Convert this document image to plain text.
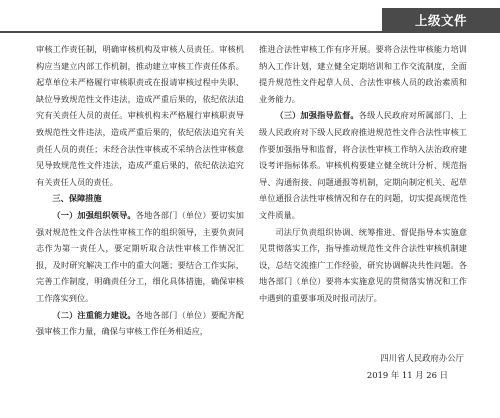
上级文件

审核工作责任制，明确审核机构及审核人员责任。审核机构应当建立内部工作机制，推动建立审核工作责任体系。起草单位未严格履行审核职责或在报请审核过程中失职、缺位导致规范性文件违法，造成严重后果的，依纪依法追究有关责任人员的责任。审核机构未严格履行审核职责导致规范性文件违法，造成严重后果的，依纪依法追究有关责任人员的责任；未经合法性审核或不采纳合法性审核意见导致规范性文件违法，造成严重后果的，依纪依法追究有关责任人员的责任。

三、保障措施

（一）加强组织领导。各地各部门（单位）要切实加强对规范性文件合法性审核工作的组织领导，主要负责同志作为第一责任人，要定期听取合法性审核工作情况汇报，及时研究解决工作中的重大问题；要结合工作实际，完善工作制度，明确责任分工，细化具体措施，确保审核工作落实到位。

（二）注重能力建设。各地各部门（单位）要配齐配强审核工作力量，确保与审核工作任务相适应，

推进合法性审核工作有序开展。要将合法性审核能力培训纳入工作计划，建立健全定期培训和工作交流制度，全面提升规范性文件起草人员、合法性审核人员的政治素质和业务能力。

（三）加强指导监督。各级人民政府对所属部门、上级人民政府对下级人民政府推进规范性文件合法性审核工作要加强指导和监督，将合法性审核工作纳入法治政府建设考评指标体系。审核机构要建立健全统计分析、规范指导、沟通衔接、问题通报等机制，定期向制定机关、起草单位通报合法性审核情况和存在的问题，切实提高规范性文件质量。

司法厅负责组织协调、统筹推进、督促指导本实施意见贯彻落实工作，指导推动规范性文件合法性审核机制建设，总结交流推广工作经验，研究协调解决共性问题。各地各部门（单位）要将本实施意见的贯彻落实情况和工作中遇到的重要事项及时报司法厅。

四川省人民政府办公厅
2019 年 11 月 26 日
